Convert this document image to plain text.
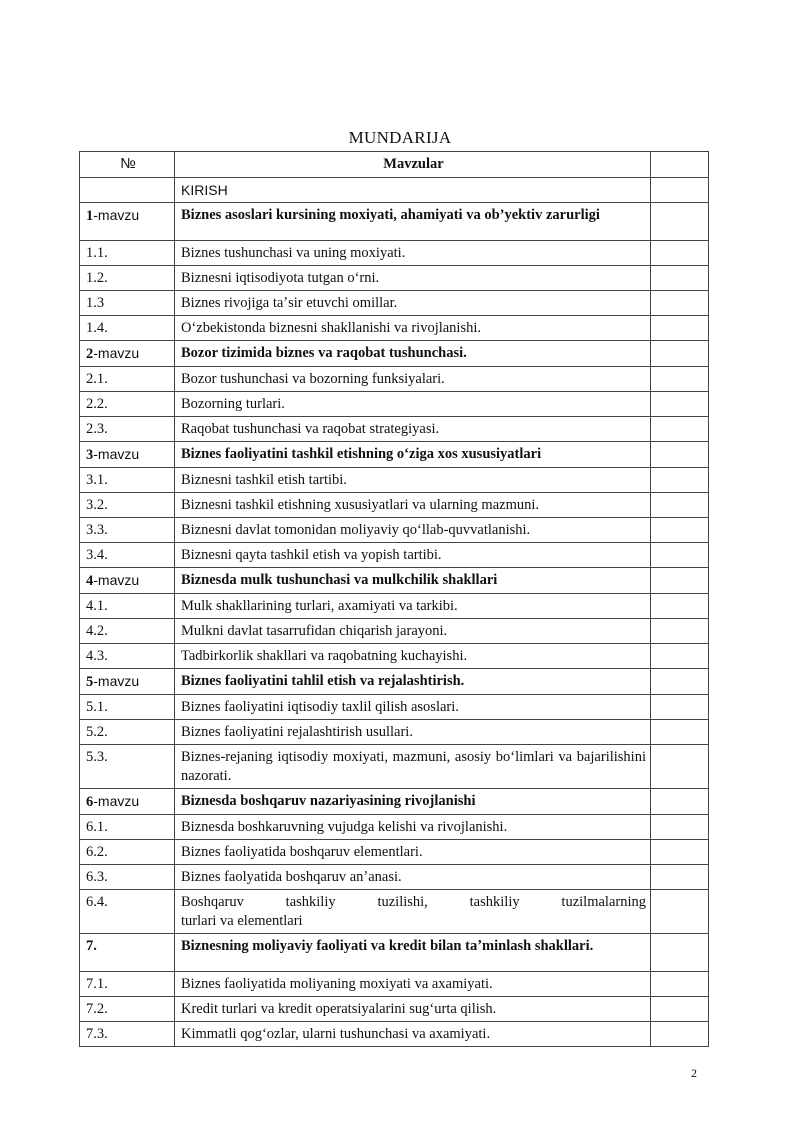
MUNDARIJA
№	Mavzular	
	KIRISH	
1-mavzu	Biznes asoslari kursining moxiyati, ahamiyati va ob’yektiv zarurligi	
1.1.	Biznes tushunchasi va uning moxiyati.	
1.2.	Biznesni iqtisodiyota tutgan oʻrni.	
1.3	Biznes rivojiga taʼsir etuvchi omillar.	
1.4.	Oʻzbekistonda biznesni shakllanishi va rivojlanishi.	
2-mavzu	Bozor tizimida biznes va raqobat tushunchasi.	
2.1.	Bozor tushunchasi va bozorning funksiyalari.	
2.2.	Bozorning turlari.	
2.3.	Raqobat tushunchasi va raqobat strategiyasi.	
3-mavzu	Biznes faoliyatini tashkil etishning oʻziga xos xususiyatlari	
3.1.	Biznesni tashkil etish tartibi.	
3.2.	Biznesni tashkil etishning xususiyatlari va ularning mazmuni.	
3.3.	Biznesni davlat tomonidan moliyaviy qoʻllab-quvvatlanishi.	
3.4.	Biznesni qayta tashkil etish va yopish tartibi.	
4-mavzu	Biznesda mulk tushunchasi va mulkchilik shakllari	
4.1.	Mulk shakllarining turlari, axamiyati va tarkibi.	
4.2.	Mulkni davlat tasarrufidan chiqarish jarayoni.	
4.3.	Tadbirkorlik shakllari va raqobatning kuchayishi.	
5-mavzu	Biznes faoliyatini tahlil etish va rejalashtirish.	
5.1.	Biznes faoliyatini iqtisodiy taxlil qilish asoslari.	
5.2.	Biznes faoliyatini rejalashtirish usullari.	
5.3.	Biznes-rejaning iqtisodiy moxiyati, mazmuni, asosiy boʻlimlari va bajarilishini nazorati.	
6-mavzu	Biznesda boshqaruv nazariyasining rivojlanishi	
6.1.	Biznesda boshkaruvning vujudga kelishi va rivojlanishi.	
6.2.	Biznes faoliyatida boshqaruv elementlari.	
6.3.	Biznes faolyatida boshqaruv anʼanasi.	
6.4.	Boshqaruv tashkiliy tuzilishi, tashkiliy tuzilmalarning
turlari va elementlari	

7.	Biznesning moliyaviy faoliyati va kredit bilan taʼminlash shakllari.	
7.1.	Biznes faoliyatida moliyaning moxiyati va axamiyati.	
7.2.	Kredit turlari va kredit operatsiyalarini sugʻurta qilish.	
7.3.	Kimmatli qogʻozlar, ularni tushunchasi va axamiyati.	
2
